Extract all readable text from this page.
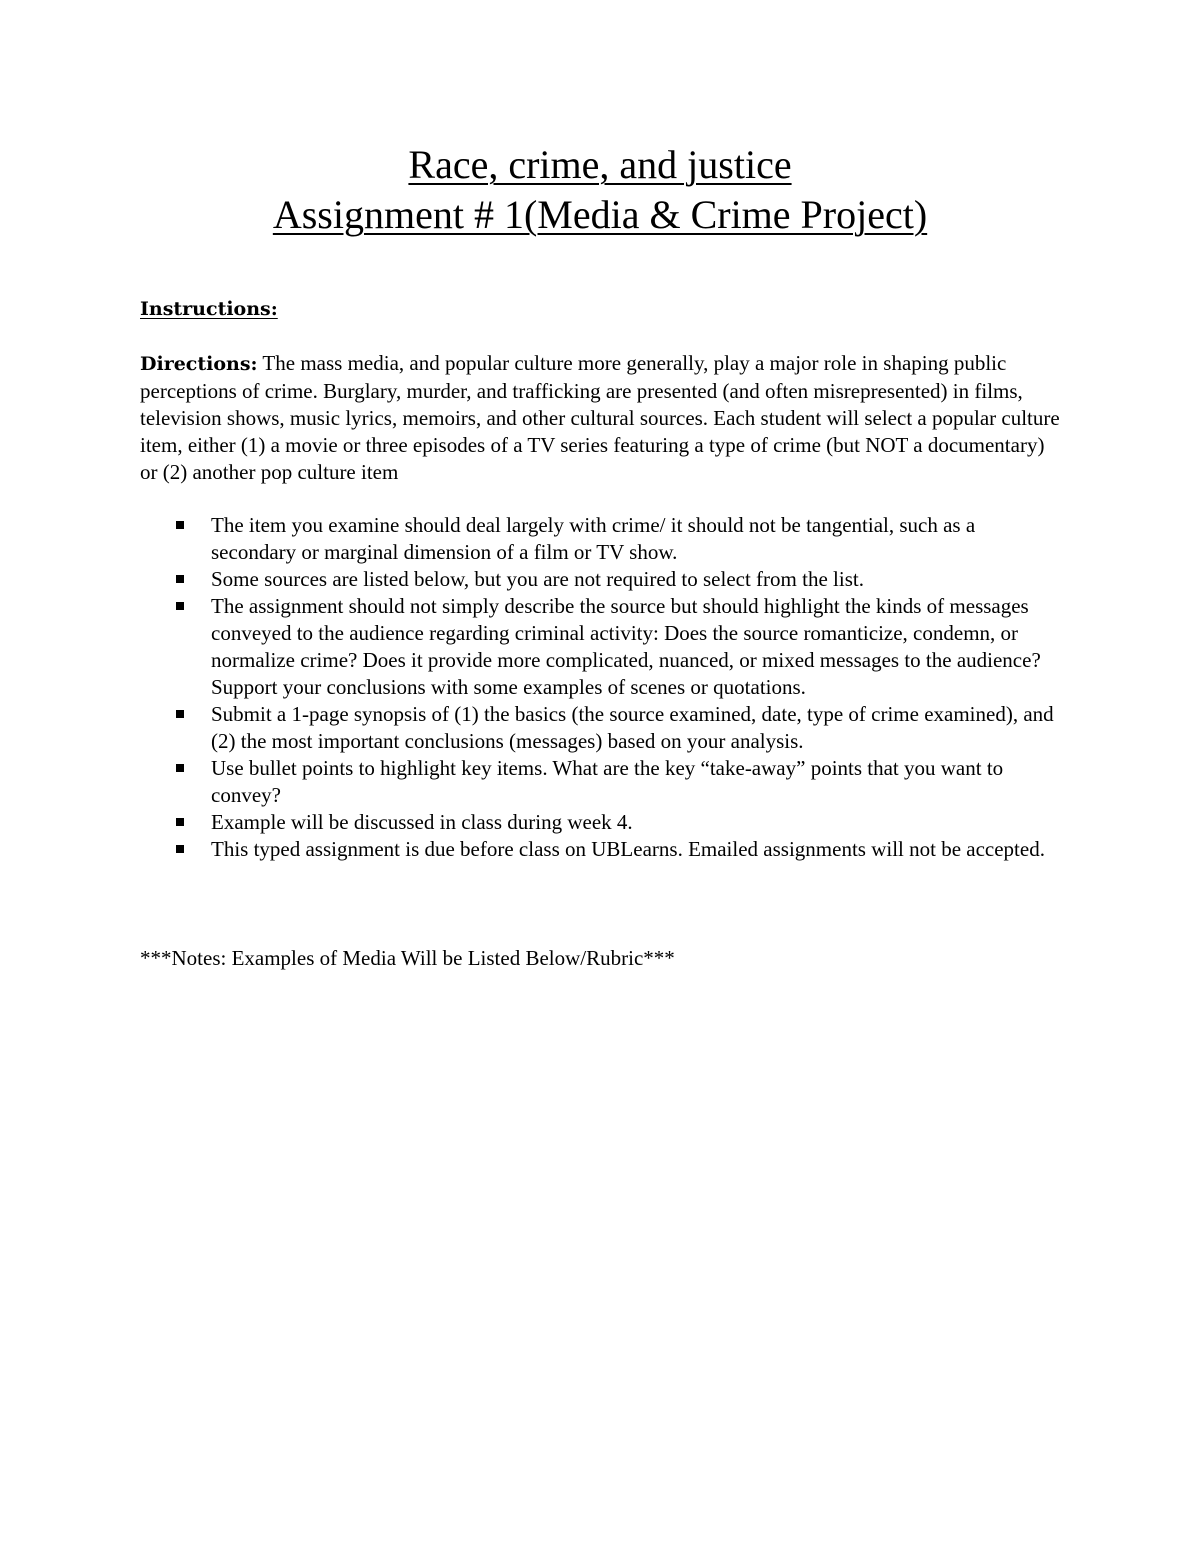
Race, crime, and justice
Assignment # 1(Media & Crime Project)
Instructions:
Directions: The mass media, and popular culture more generally, play a major role in shaping public perceptions of crime. Burglary, murder, and trafficking are presented (and often misrepresented) in films, television shows, music lyrics, memoirs, and other cultural sources. Each student will select a popular culture item, either (1) a movie or three episodes of a TV series featuring a type of crime (but NOT a documentary) or (2) another pop culture item
The item you examine should deal largely with crime/ it should not be tangential, such as a secondary or marginal dimension of a film or TV show.
Some sources are listed below, but you are not required to select from the list.
The assignment should not simply describe the source but should highlight the kinds of messages conveyed to the audience regarding criminal activity: Does the source romanticize, condemn, or normalize crime? Does it provide more complicated, nuanced, or mixed messages to the audience? Support your conclusions with some examples of scenes or quotations.
Submit a 1-page synopsis of (1) the basics (the source examined, date, type of crime examined), and (2) the most important conclusions (messages) based on your analysis.
Use bullet points to highlight key items. What are the key “take-away” points that you want to convey?
Example will be discussed in class during week 4.
This typed assignment is due before class on UBLearns. Emailed assignments will not be accepted.
***Notes: Examples of Media Will be Listed Below/Rubric***
